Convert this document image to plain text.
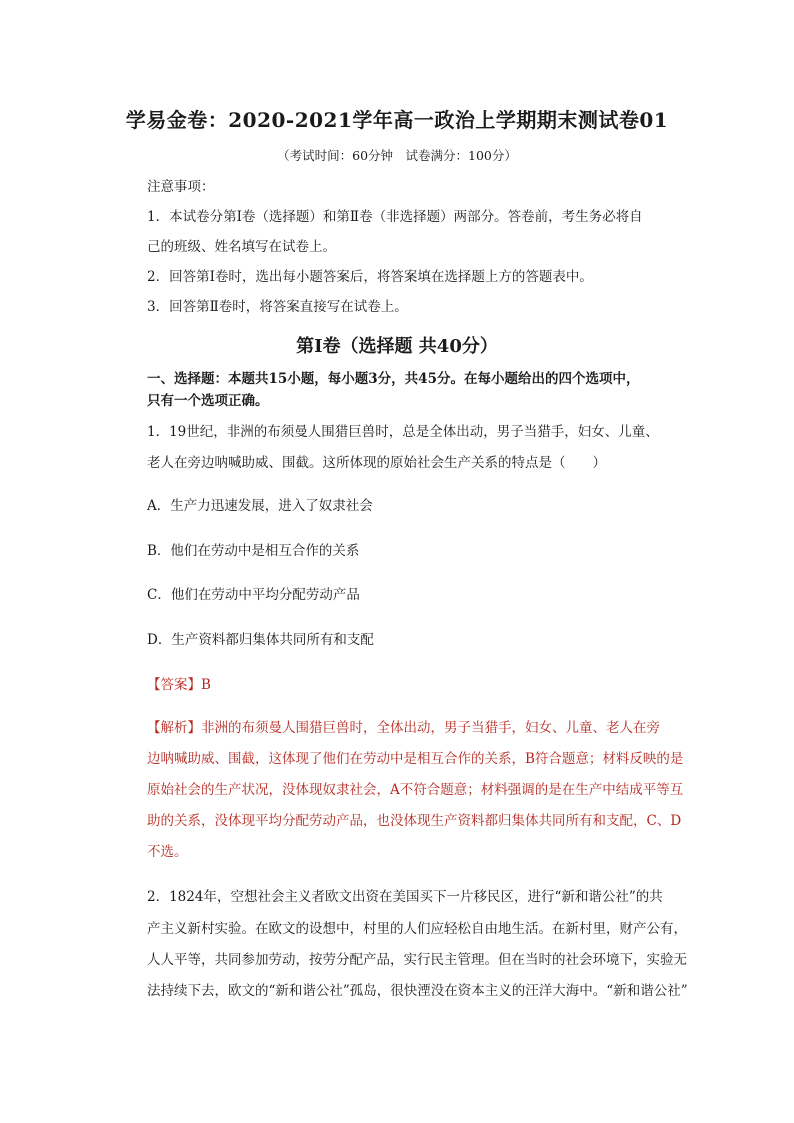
学易金卷：2020-2021学年高一政治上学期期末测试卷01
（考试时间：60分钟　试卷满分：100分）
注意事项：
1．本试卷分第Ⅰ卷（选择题）和第Ⅱ卷（非选择题）两部分。答卷前，考生务必将自
己的班级、姓名填写在试卷上。
2．回答第Ⅰ卷时，选出每小题答案后，将答案填在选择题上方的答题表中。
3．回答第Ⅱ卷时，将答案直接写在试卷上。
第Ⅰ卷（选择题 共40分）
一、选择题：本题共15小题，每小题3分，共45分。在每小题给出的四个选项中，
只有一个选项正确。
1．19世纪，非洲的布须曼人围猎巨兽时，总是全体出动，男子当猎手，妇女、儿童、
老人在旁边呐喊助威、围截。这所体现的原始社会生产关系的特点是（　　）
A．生产力迅速发展，进入了奴隶社会
B．他们在劳动中是相互合作的关系
C．他们在劳动中平均分配劳动产品
D．生产资料都归集体共同所有和支配
【答案】B
【解析】非洲的布须曼人围猎巨兽时，全体出动，男子当猎手，妇女、儿童、老人在旁
边呐喊助威、围截，这体现了他们在劳动中是相互合作的关系，B符合题意；材料反映的是
原始社会的生产状况，没体现奴隶社会，A不符合题意；材料强调的是在生产中结成平等互
助的关系，没体现平均分配劳动产品，也没体现生产资料都归集体共同所有和支配，C、D
不选。
2．1824年，空想社会主义者欧文出资在美国买下一片移民区，进行“新和谐公社”的共
产主义新村实验。在欧文的设想中，村里的人们应轻松自由地生活。在新村里，财产公有，
人人平等，共同参加劳动，按劳分配产品，实行民主管理。但在当时的社会环境下，实验无
法持续下去，欧文的“新和谐公社”孤岛，很快湮没在资本主义的汪洋大海中。“新和谐公社”
